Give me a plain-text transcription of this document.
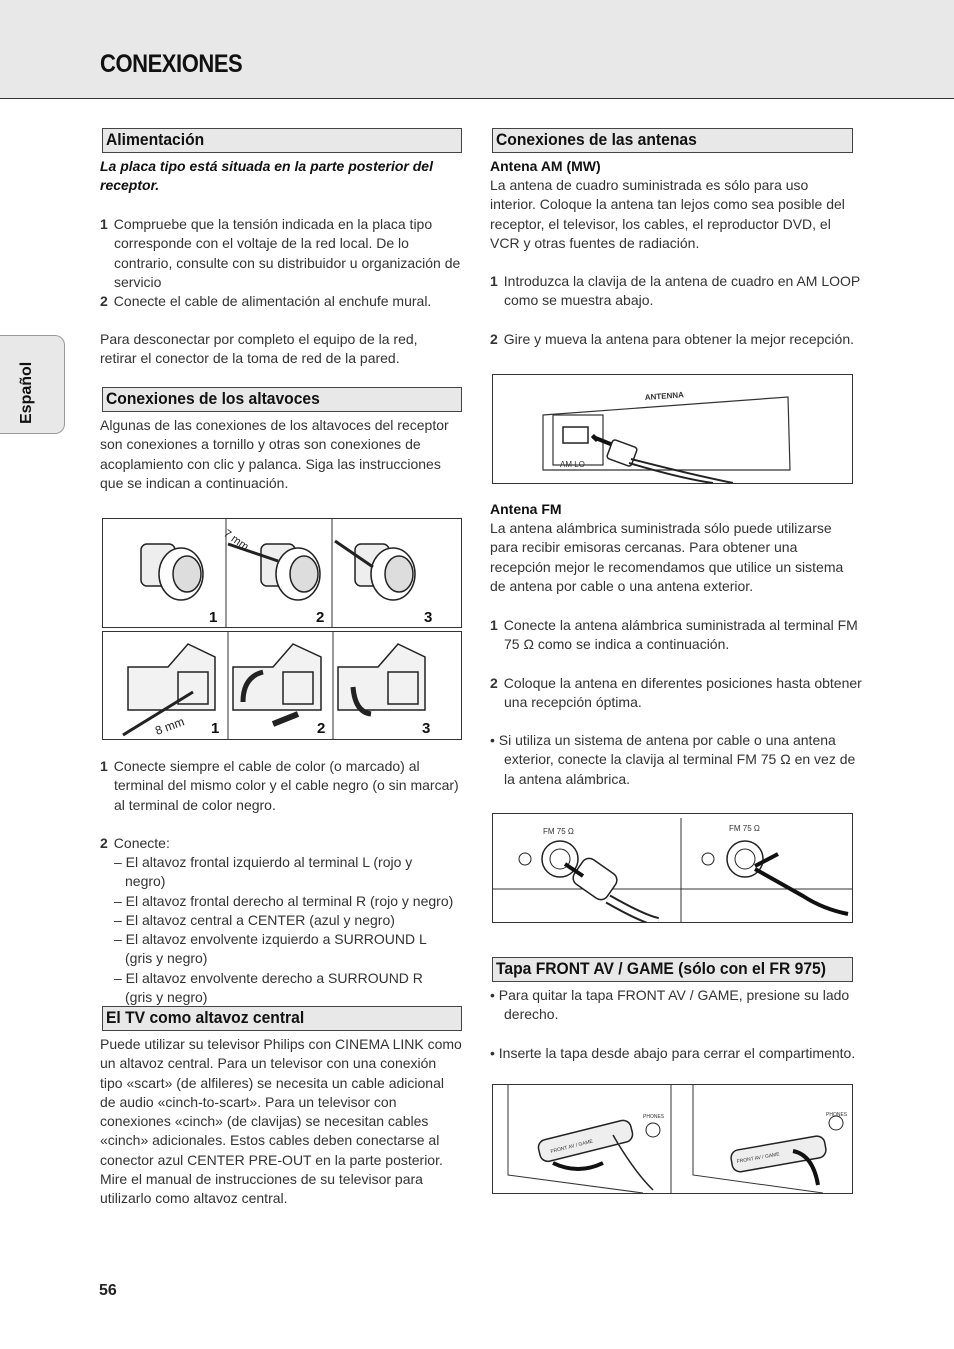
CONEXIONES
Español
Alimentación

La placa tipo está situada en la parte posterior del receptor.

1 Compruebe que la tensión indicada en la placa tipo corresponde con el voltaje de la red local. De lo contrario, consulte con su distribuidor u organización de servicio
2 Conecte el cable de alimentación al enchufe mural.

Para desconectar por completo el equipo de la red, retirar el conector de la toma de red de la pared.

Conexiones de los altavoces

Algunas de las conexiones de los altavoces del receptor son conexiones a tornillo y otras son conexiones de acoplamiento con clic y palanca. Siga las instrucciones que se indican a continuación.

7 mm
1	2	3
8 mm 1	2	3
1 Conecte siempre el cable de color (o marcado) al terminal del mismo color y el cable negro (o sin marcar) al terminal de color negro.
2 Conecte:
– El altavoz frontal izquierdo al terminal L (rojo y negro)
– El altavoz frontal derecho al terminal R (rojo y negro)
– El altavoz central a CENTER (azul y negro)
– El altavoz envolvente izquierdo a SURROUND L (gris y negro)
– El altavoz envolvente derecho a SURROUND R (gris y negro)
El TV como altavoz central

Puede utilizar su televisor Philips con CINEMA LINK como un altavoz central. Para un televisor con una conexión tipo «scart» (de alfileres) se necesita un cable adicional de audio «cinch-to-scart». Para un televisor con conexiones «cinch» (de clavijas) se necesitan cables «cinch» adicionales. Estos cables deben conectarse al conector azul CENTER PRE-OUT en la parte posterior. Mire el manual de instrucciones de su televisor para utilizarlo como altavoz central.

Conexiones de las antenas

Antena AM (MW)

La antena de cuadro suministrada es sólo para uso interior. Coloque la antena tan lejos como sea posible del receptor, el televisor, los cables, el reproductor DVD, el VCR y otras fuentes de radiación.

1 Introduzca la clavija de la antena de cuadro en AM LOOP como se muestra abajo.
2 Gire y mueva la antena para obtener la mejor recepción.
ANTENNA
AM LO

Antena FM

La antena alámbrica suministrada sólo puede utilizarse para recibir emisoras cercanas. Para obtener una recepción mejor le recomendamos que utilice un sistema de antena por cable o una antena exterior.

1 Conecte la antena alámbrica suministrada al terminal FM 75 Ω como se indica a continuación.
2 Coloque la antena en diferentes posiciones hasta obtener una recepción óptima.

• Si utiliza un sistema de antena por cable o una antena exterior, conecte la clavija al terminal FM 75 Ω en vez de la antena alámbrica.

FM 75 Ω	FM 75 Ω
Tapa FRONT AV / GAME (sólo con el FR 975)

• Para quitar la tapa FRONT AV / GAME, presione su lado derecho.

• Inserte la tapa desde abajo para cerrar el compartimento.

PHONES	PHONES
FRONT AV / GAME
FRONT AV / GAME
56
